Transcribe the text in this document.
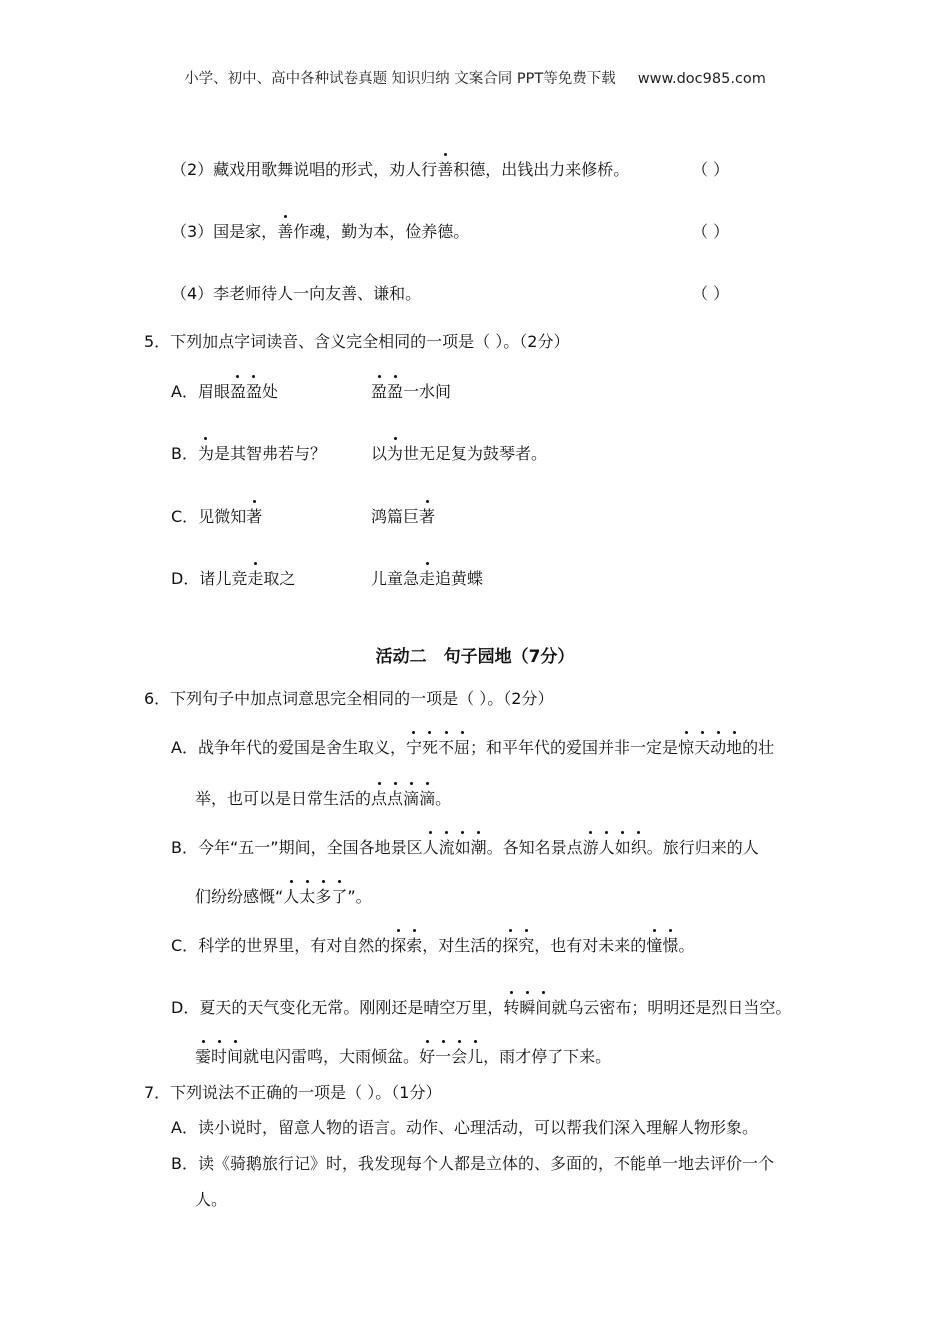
小学、初中、高中各种试卷真题 知识归纳 文案合同 PPT等免费下载 www.doc985.com
（2）藏戏用歌舞说唱的形式，劝人行善积德，出钱出力来修桥。	（ ）
（3）国是家，善作魂，勤为本，俭养德。	（ ）
（4）李老师待人一向友善、谦和。	（ ）
5．下列加点字词读音、含义完全相同的一项是（ ）。（2分）
A．眉眼盈盈处	盈盈一水间
B．为是其智弗若与？	以为世无足复为鼓琴者。
C．见微知著	鸿篇巨著
D．诸儿竞走取之	儿童急走追黄蝶
活动二　句子园地（7分）
6．下列句子中加点词意思完全相同的一项是（ ）。（2分）
A．战争年代的爱国是舍生取义，宁死不屈；和平年代的爱国并非一定是惊天动地的壮
举，也可以是日常生活的点点滴滴。
B．今年“五一”期间，全国各地景区人流如潮。各知名景点游人如织。旅行归来的人
们纷纷感慨“人太多了”。
C．科学的世界里，有对自然的探索，对生活的探究，也有对未来的憧憬。
D．夏天的天气变化无常。刚刚还是晴空万里，转瞬间就乌云密布；明明还是烈日当空。
霎时间就电闪雷鸣，大雨倾盆。好一会儿，雨才停了下来。
7．下列说法不正确的一项是（ ）。（1分）
A．读小说时，留意人物的语言。动作、心理活动，可以帮我们深入理解人物形象。
B．读《骑鹅旅行记》时，我发现每个人都是立体的、多面的，不能单一地去评价一个
人。
